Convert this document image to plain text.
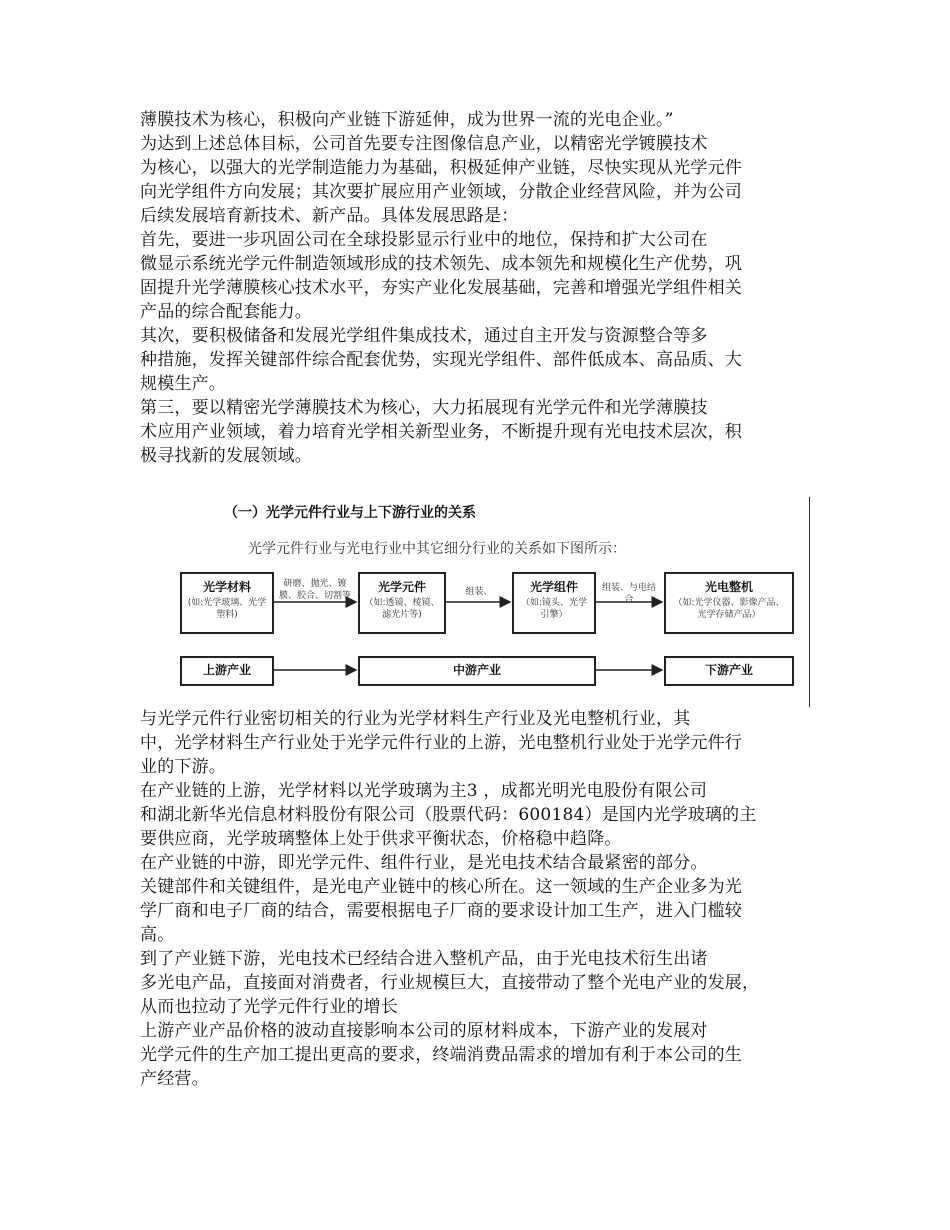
薄膜技术为核心，积极向产业链下游延伸，成为世界一流的光电企业。”
为达到上述总体目标，公司首先要专注图像信息产业，以精密光学镀膜技术
为核心，以强大的光学制造能力为基础，积极延伸产业链，尽快实现从光学元件
向光学组件方向发展；其次要扩展应用产业领域，分散企业经营风险，并为公司
后续发展培育新技术、新产品。具体发展思路是：
首先，要进一步巩固公司在全球投影显示行业中的地位，保持和扩大公司在
微显示系统光学元件制造领域形成的技术领先、成本领先和规模化生产优势，巩
固提升光学薄膜核心技术水平，夯实产业化发展基础，完善和增强光学组件相关
产品的综合配套能力。
其次，要积极储备和发展光学组件集成技术，通过自主开发与资源整合等多
种措施，发挥关键部件综合配套优势，实现光学组件、部件低成本、高品质、大
规模生产。
第三，要以精密光学薄膜技术为核心，大力拓展现有光学元件和光学薄膜技
术应用产业领域，着力培育光学相关新型业务，不断提升现有光电技术层次，积
极寻找新的发展领域。
（一）光学元件行业与上下游行业的关系
光学元件行业与光电行业中其它细分行业的关系如下图所示：
光学材料
(如:光学玻璃、光学塑料)
研磨、抛光、镀膜、胶合、切割等
光学元件
（如:透镜、棱镜、滤光片等)
组装、	光学组件
（如:镜头、光学引擎）
组装、与电结合
光电整机
（如:光学仪器、影像产品、光学存储产品）
上游产业	中游产业	下游产业
与光学元件行业密切相关的行业为光学材料生产行业及光电整机行业，其
中，光学材料生产行业处于光学元件行业的上游，光电整机行业处于光学元件行
业的下游。
在产业链的上游，光学材料以光学玻璃为主3 ，成都光明光电股份有限公司
和湖北新华光信息材料股份有限公司（股票代码：600184）是国内光学玻璃的主
要供应商，光学玻璃整体上处于供求平衡状态，价格稳中趋降。
在产业链的中游，即光学元件、组件行业，是光电技术结合最紧密的部分。
关键部件和关键组件，是光电产业链中的核心所在。这一领域的生产企业多为光
学厂商和电子厂商的结合，需要根据电子厂商的要求设计加工生产，进入门槛较
高。
到了产业链下游，光电技术已经结合进入整机产品，由于光电技术衍生出诸
多光电产品，直接面对消费者，行业规模巨大，直接带动了整个光电产业的发展，
从而也拉动了光学元件行业的增长
上游产业产品价格的波动直接影响本公司的原材料成本，下游产业的发展对
光学元件的生产加工提出更高的要求，终端消费品需求的增加有利于本公司的生
产经营。
